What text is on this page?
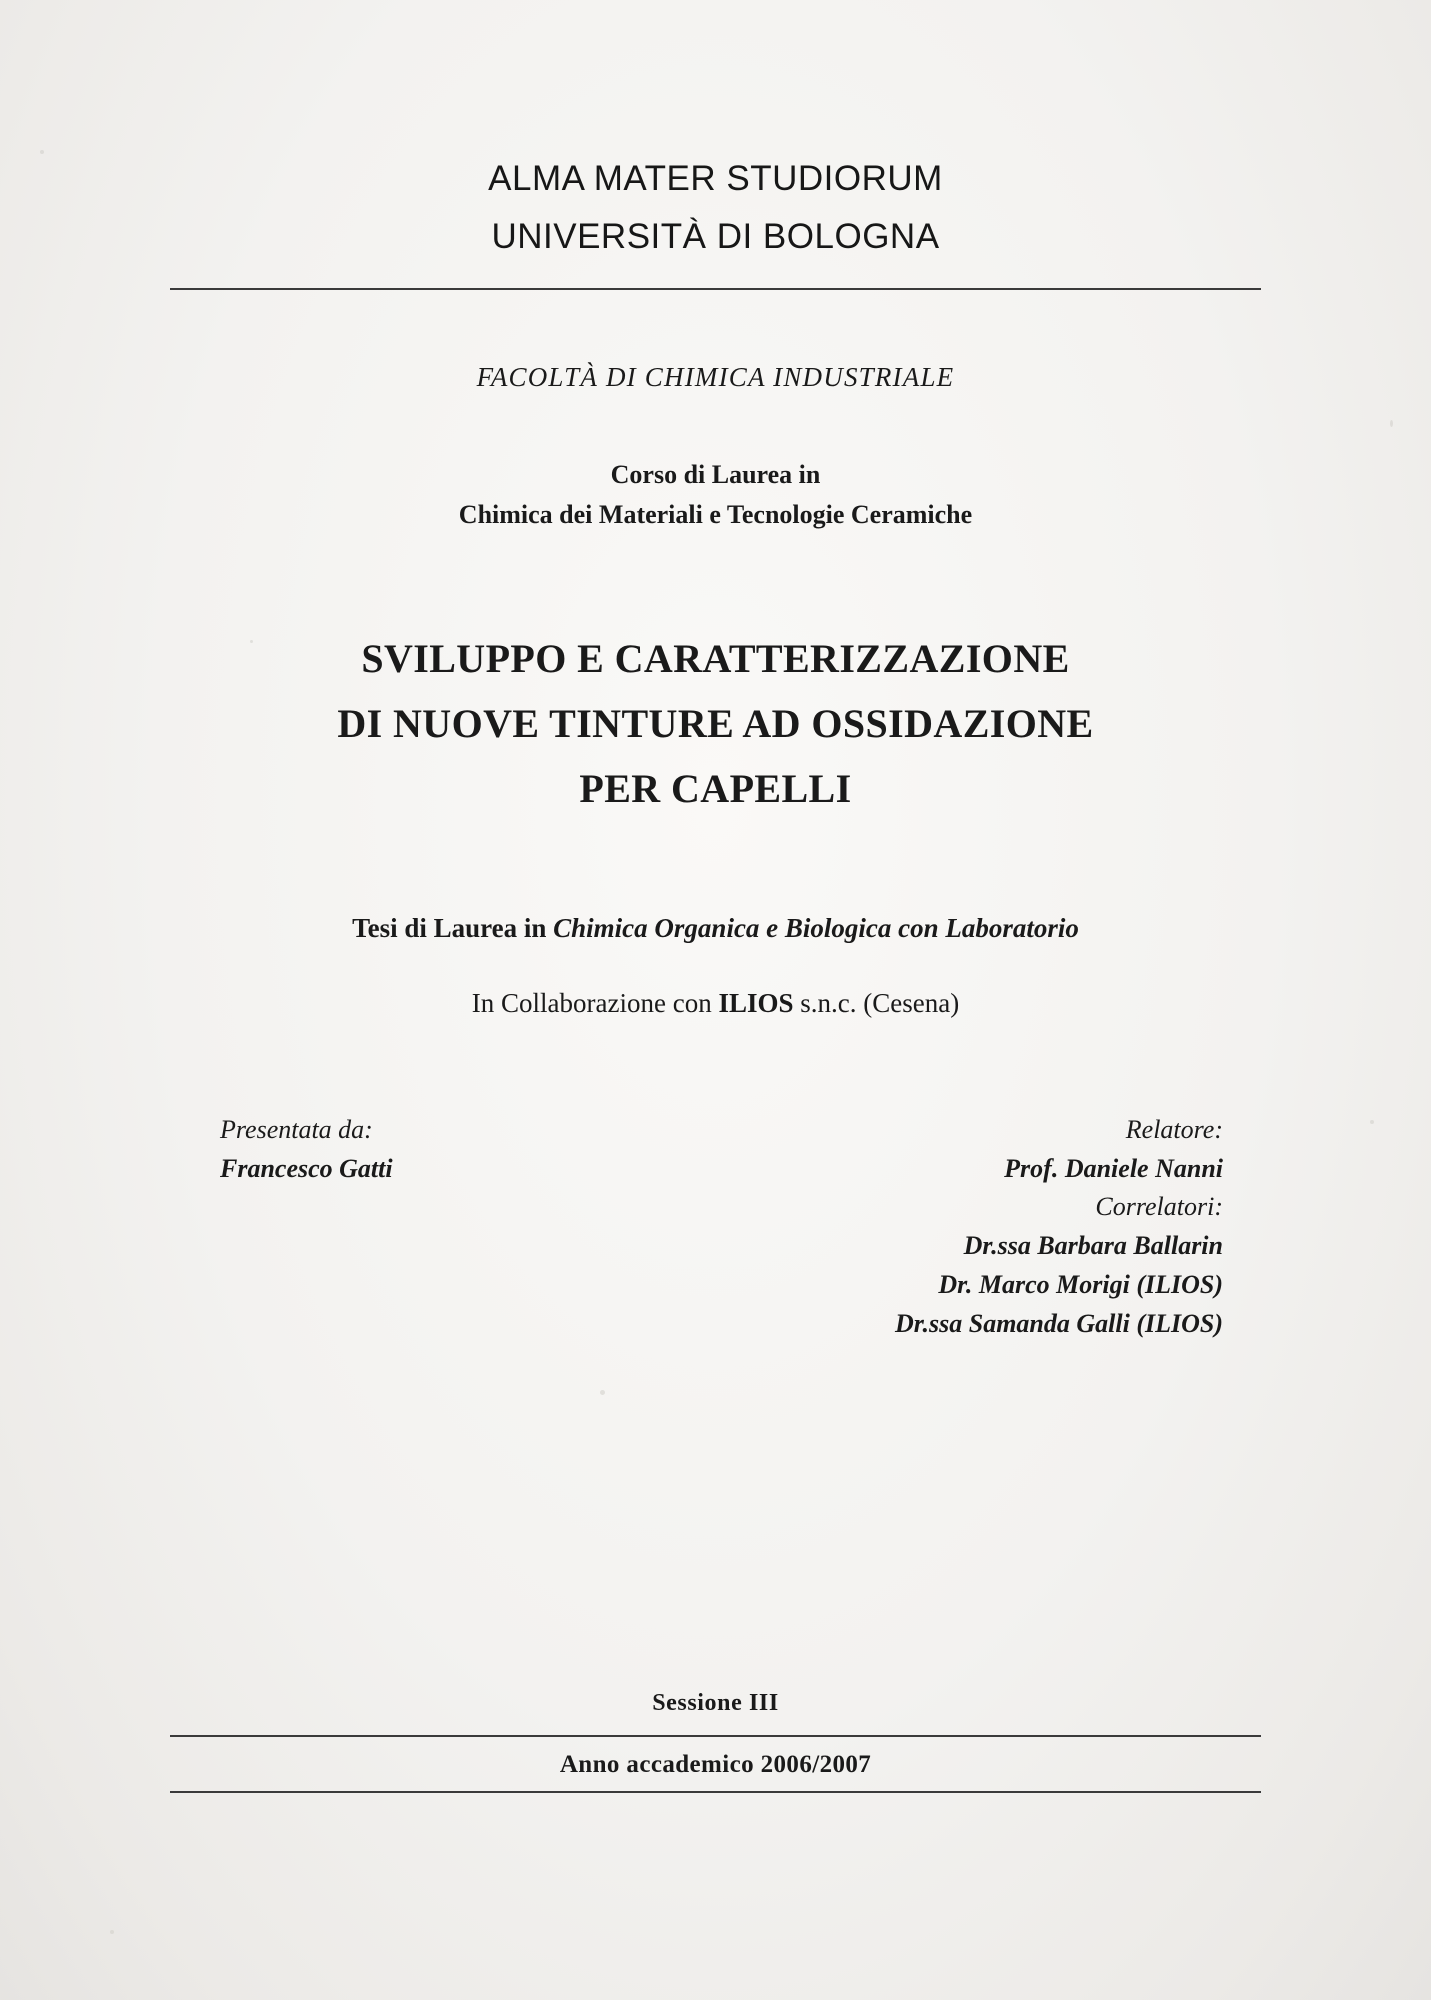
ALMA MATER STUDIORUM
UNIVERSITÀ DI BOLOGNA
FACOLTÀ DI CHIMICA INDUSTRIALE
Corso di Laurea in
Chimica dei Materiali e Tecnologie Ceramiche
SVILUPPO E CARATTERIZZAZIONE
DI NUOVE TINTURE AD OSSIDAZIONE
PER CAPELLI
Tesi di Laurea in Chimica Organica e Biologica con Laboratorio
In Collaborazione con ILIOS s.n.c. (Cesena)
Presentata da:
Francesco Gatti
Relatore:
Prof. Daniele Nanni
Correlatori:
Dr.ssa Barbara Ballarin
Dr. Marco Morigi (ILIOS)
Dr.ssa Samanda Galli (ILIOS)
Sessione III
Anno accademico 2006/2007
